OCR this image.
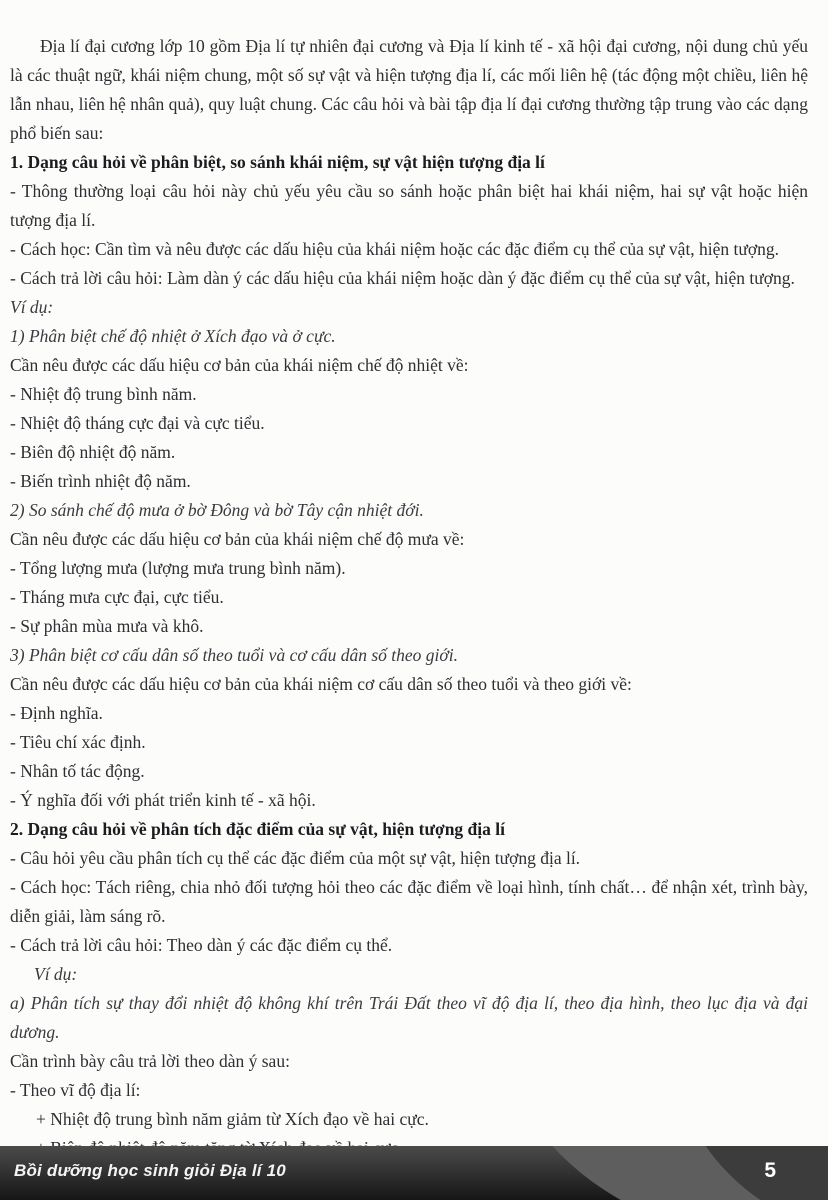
Địa lí đại cương lớp 10 gồm Địa lí tự nhiên đại cương và Địa lí kinh tế - xã hội đại cương, nội dung chủ yếu là các thuật ngữ, khái niệm chung, một số sự vật và hiện tượng địa lí, các mối liên hệ (tác động một chiều, liên hệ lẫn nhau, liên hệ nhân quả), quy luật chung. Các câu hỏi và bài tập địa lí đại cương thường tập trung vào các dạng phổ biến sau:

1. Dạng câu hỏi về phân biệt, so sánh khái niệm, sự vật hiện tượng địa lí

- Thông thường loại câu hỏi này chủ yếu yêu cầu so sánh hoặc phân biệt hai khái niệm, hai sự vật hoặc hiện tượng địa lí.

- Cách học: Cần tìm và nêu được các dấu hiệu của khái niệm hoặc các đặc điểm cụ thể của sự vật, hiện tượng.

- Cách trả lời câu hỏi: Làm dàn ý các dấu hiệu của khái niệm hoặc dàn ý đặc điểm cụ thể của sự vật, hiện tượng.

Ví dụ:

1) Phân biệt chế độ nhiệt ở Xích đạo và ở cực.

Cần nêu được các dấu hiệu cơ bản của khái niệm chế độ nhiệt về:

- Nhiệt độ trung bình năm.

- Nhiệt độ tháng cực đại và cực tiểu.

- Biên độ nhiệt độ năm.

- Biến trình nhiệt độ năm.

2) So sánh chế độ mưa ở bờ Đông và bờ Tây cận nhiệt đới.

Cần nêu được các dấu hiệu cơ bản của khái niệm chế độ mưa về:

- Tổng lượng mưa (lượng mưa trung bình năm).

- Tháng mưa cực đại, cực tiểu.

- Sự phân mùa mưa và khô.

3) Phân biệt cơ cấu dân số theo tuổi và cơ cấu dân số theo giới.

Cần nêu được các dấu hiệu cơ bản của khái niệm cơ cấu dân số theo tuổi và theo giới về:

- Định nghĩa.

- Tiêu chí xác định.

- Nhân tố tác động.

- Ý nghĩa đối với phát triển kinh tế - xã hội.

2. Dạng câu hỏi về phân tích đặc điểm của sự vật, hiện tượng địa lí

- Câu hỏi yêu cầu phân tích cụ thể các đặc điểm của một sự vật, hiện tượng địa lí.

- Cách học: Tách riêng, chia nhỏ đối tượng hỏi theo các đặc điểm về loại hình, tính chất… để nhận xét, trình bày, diễn giải, làm sáng rõ.

- Cách trả lời câu hỏi: Theo dàn ý các đặc điểm cụ thể.

Ví dụ:

a) Phân tích sự thay đổi nhiệt độ không khí trên Trái Đất theo vĩ độ địa lí, theo địa hình, theo lục địa và đại dương.

Cần trình bày câu trả lời theo dàn ý sau:

- Theo vĩ độ địa lí:

+ Nhiệt độ trung bình năm giảm từ Xích đạo về hai cực.

Bồi dưỡng học sinh giỏi Địa lí 10	5
